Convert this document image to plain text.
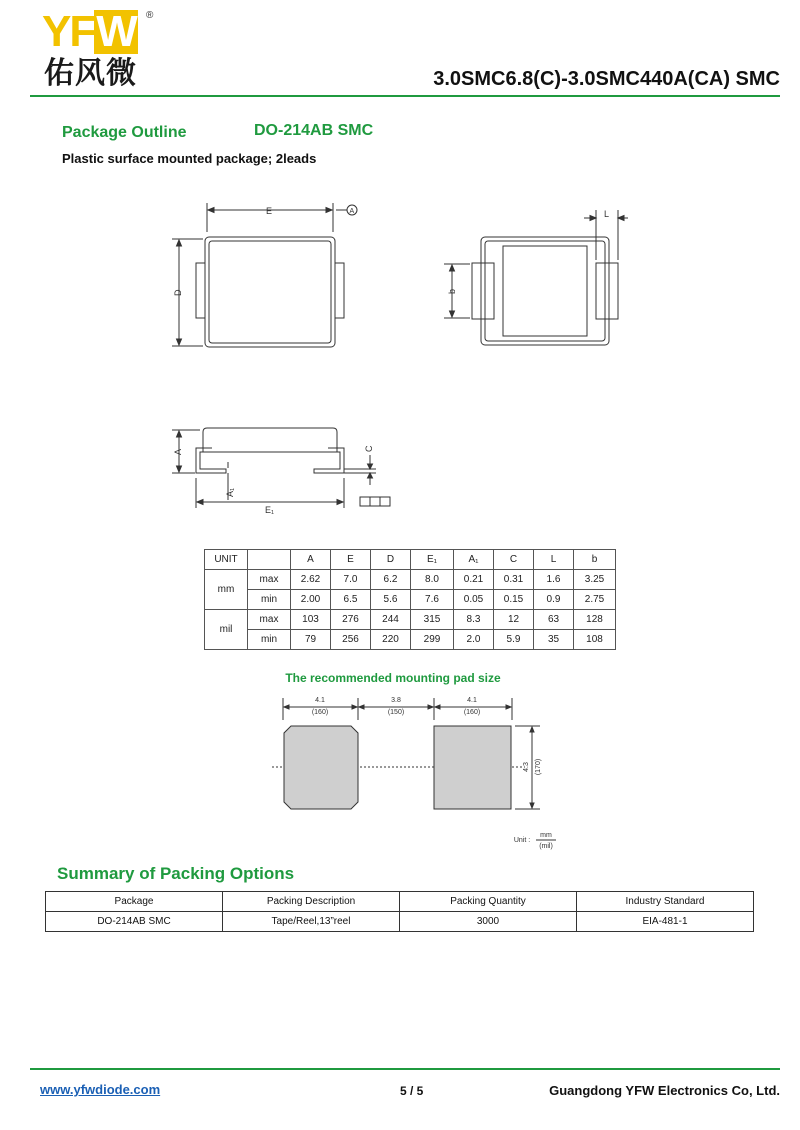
YFW ®
佑风微	3.0SMC6.8(C)-3.0SMC440A(CA) SMC
Package Outline	DO-214AB SMC
Plastic surface mounted package; 2leads
E	A
D	b
L
A	C
A₁
E₁
UNIT		A	E	D	E₁	A₁	C	L	b
mm	max	2.62	7.0	6.2	8.0	0.21	0.31	1.6	3.25
	min	2.00	6.5	5.6	7.6	0.05	0.15	0.9	2.75
mil	max	103	276	244	315	8.3	12	63	128
	min	79	256	220	299	2.0	5.9	35	108
The recommended mounting pad size
4.1
(160)
3.8
(150)
4.1
(160)
4.3 (170)
Unit :
mm
(mil)
Summary of Packing Options
Package	Packing Description	Packing Quantity	Industry Standard
DO-214AB SMC	Tape/Reel,13”reel	3000	EIA-481-1
www.yfwdiode.com	5 / 5	Guangdong YFW Electronics Co, Ltd.
